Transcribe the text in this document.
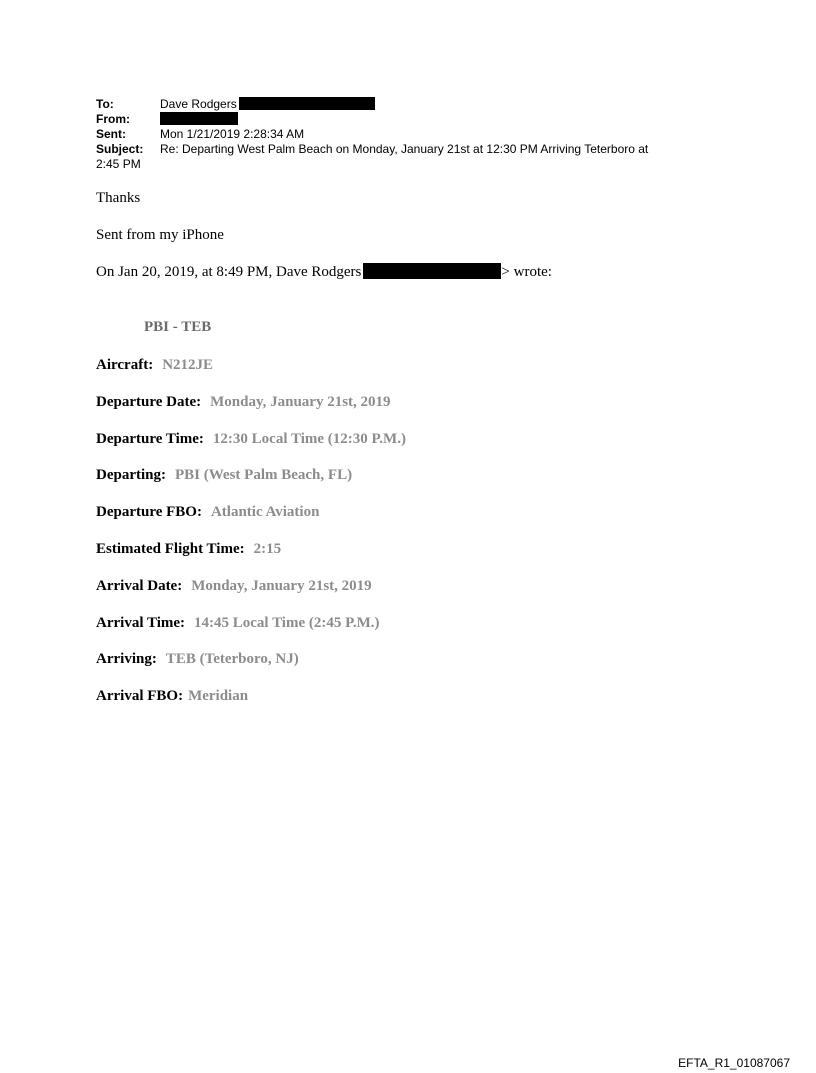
To:	Dave Rodgers
From:
Sent:	Mon 1/21/2019 2:28:34 AM
Subject:	Re: Departing West Palm Beach on Monday, January 21st at 12:30 PM Arriving Teterboro at
2:45 PM
Thanks
Sent from my iPhone
On Jan 20, 2019, at 8:49 PM, Dave Rodgers	> wrote:
PBI - TEB
Aircraft: N212JE
Departure Date: Monday, January 21st, 2019
Departure Time: 12:30 Local Time (12:30 P.M.)
Departing: PBI (West Palm Beach, FL)
Departure FBO: Atlantic Aviation
Estimated Flight Time: 2:15
Arrival Date: Monday, January 21st, 2019
Arrival Time: 14:45 Local Time (2:45 P.M.)
Arriving: TEB (Teterboro, NJ)
Arrival FBO: Meridian
EFTA_R1_01087067
